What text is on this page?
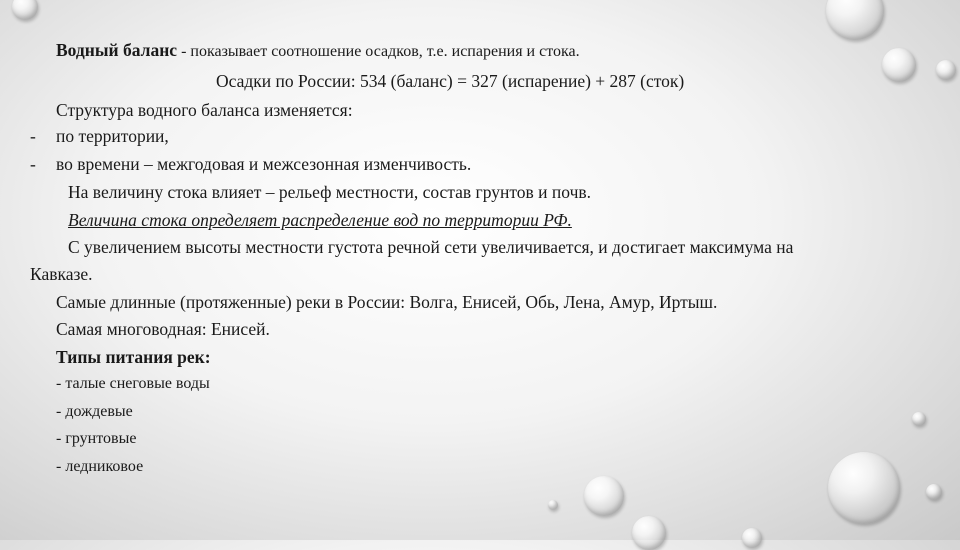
Водный баланс - показывает соотношение осадков, т.е. испарения и стока.
Осадки по России: 534 (баланс) = 327 (испарение) + 287 (сток)
Структура водного баланса изменяется:
- по территории,
- во времени – межгодовая и межсезонная изменчивость.
На величину стока влияет – рельеф местности, состав грунтов и почв.
Величина стока определяет распределение вод по территории РФ.
С увеличением высоты местности густота речной сети увеличивается, и достигает максимума на
Кавказе.
Самые длинные (протяженные) реки в России: Волга, Енисей, Обь, Лена, Амур, Иртыш.
Самая многоводная: Енисей.
Типы питания рек:
- талые снеговые воды
- дождевые
- грунтовые
- ледниковое
